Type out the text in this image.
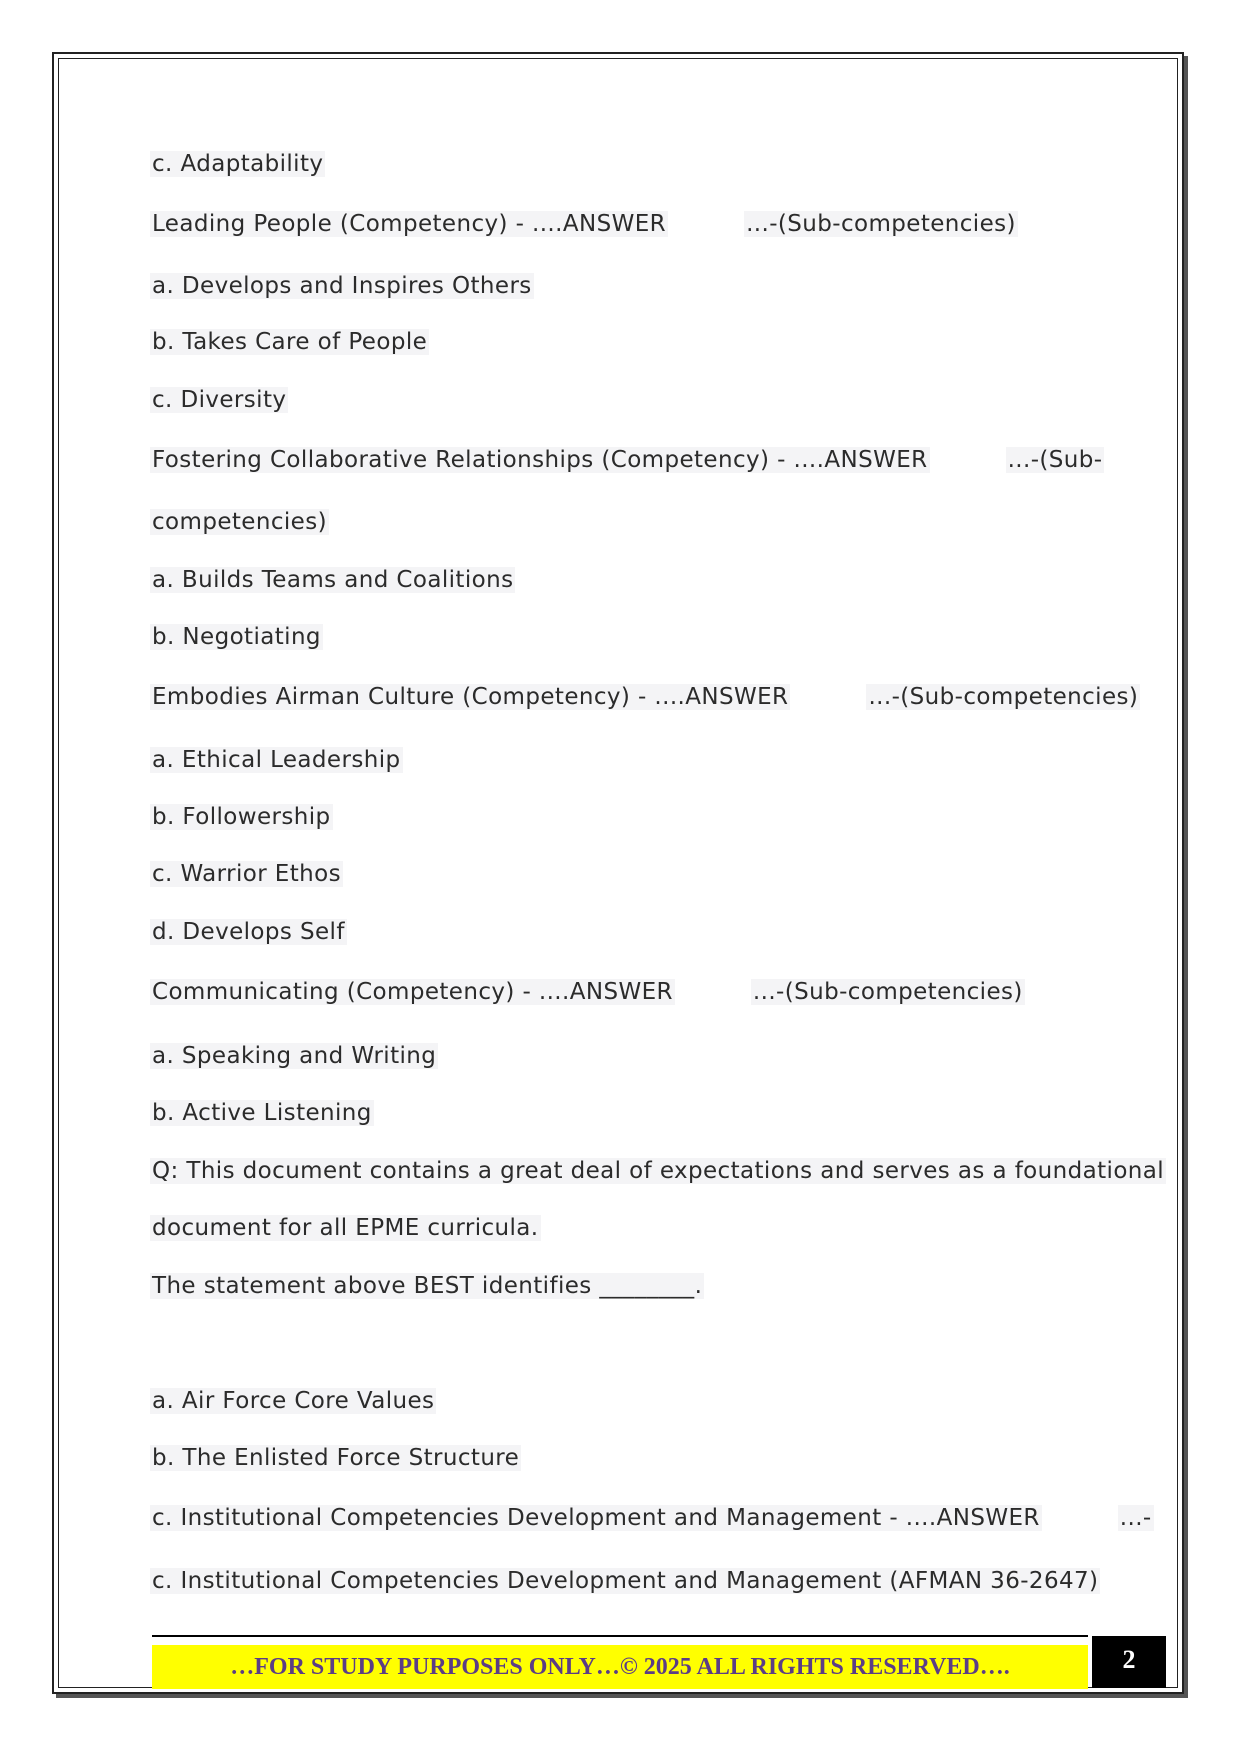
c. Adaptability
Leading People (Competency) - ....ANSWER	...-(Sub-competencies)
a. Develops and Inspires Others
b. Takes Care of People
c. Diversity
Fostering Collaborative Relationships (Competency) - ....ANSWER	...-(Sub-
competencies)
a. Builds Teams and Coalitions
b. Negotiating
Embodies Airman Culture (Competency) - ....ANSWER	...-(Sub-competencies)
a. Ethical Leadership
b. Followership
c. Warrior Ethos
d. Develops Self
Communicating (Competency) - ....ANSWER	...-(Sub-competencies)
a. Speaking and Writing
b. Active Listening
Q: This document contains a great deal of expectations and serves as a foundational
document for all EPME curricula.
The statement above BEST identifies ________.
a. Air Force Core Values
b. The Enlisted Force Structure
c. Institutional Competencies Development and Management - ....ANSWER	...-
c. Institutional Competencies Development and Management (AFMAN 36-2647)
…FOR STUDY PURPOSES ONLY…© 2025 ALL RIGHTS RESERVED….	2
